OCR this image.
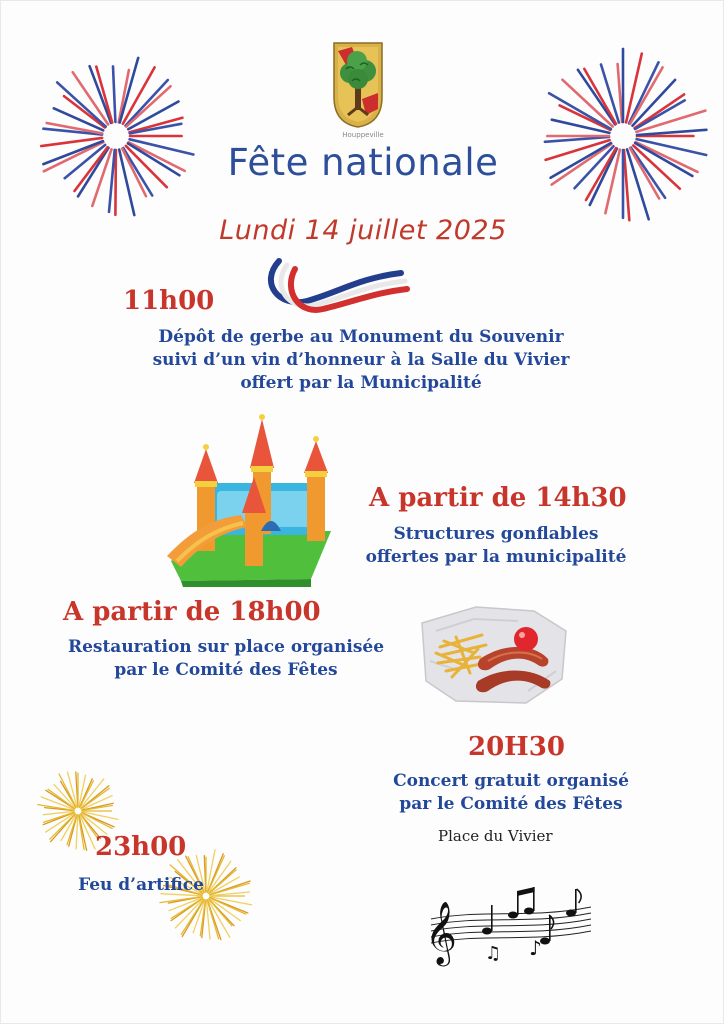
Houppeville
Fête nationale
Lundi 14 juillet 2025
11h00
Dépôt de gerbe au Monument du Souvenir
suivi d’un vin d’honneur à la Salle du Vivier
offert par la Municipalité
A partir de 14h30
Structures gonflables
offertes par la municipalité
A partir de 18h00
Restauration sur place organisée
par le Comité des Fêtes
20H30
Concert gratuit organisé
par le Comité des Fêtes
Place du Vivier
23h00
Feu d’artifice
𝄞	♪
♫
